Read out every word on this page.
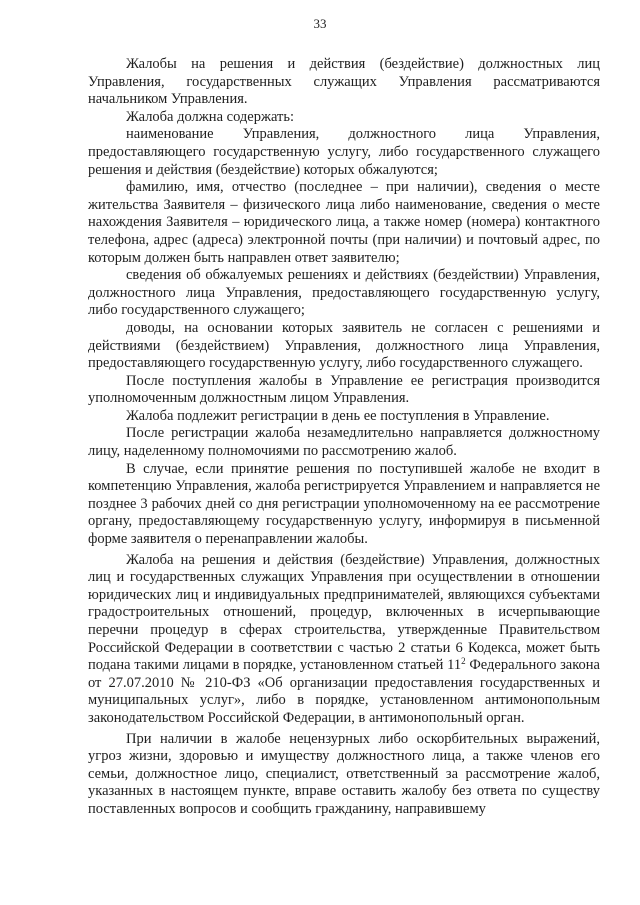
33

Жалобы на решения и действия (бездействие) должностных лиц Управления, государственных служащих Управления рассматриваются начальником Управления.

Жалоба должна содержать:

наименование Управления, должностного лица Управления, предоставляющего государственную услугу, либо государственного служащего решения и действия (бездействие) которых обжалуются;

фамилию, имя, отчество (последнее – при наличии), сведения о месте жительства Заявителя – физического лица либо наименование, сведения о месте нахождения Заявителя – юридического лица, а также номер (номера) контактного телефона, адрес (адреса) электронной почты (при наличии) и почтовый адрес, по которым должен быть направлен ответ заявителю;

сведения об обжалуемых решениях и действиях (бездействии) Управления, должностного лица Управления, предоставляющего государственную услугу, либо государственного служащего;

доводы, на основании которых заявитель не согласен с решениями и действиями (бездействием) Управления, должностного лица Управления, предоставляющего государственную услугу, либо государственного служащего.

После поступления жалобы в Управление ее регистрация производится уполномоченным должностным лицом Управления.

Жалоба подлежит регистрации в день ее поступления в Управление.

После регистрации жалоба незамедлительно направляется должностному лицу, наделенному полномочиями по рассмотрению жалоб.

В случае, если принятие решения по поступившей жалобе не входит в компетенцию Управления, жалоба регистрируется Управлением и направляется не позднее 3 рабочих дней со дня регистрации уполномоченному на ее рассмотрение органу, предоставляющему государственную услугу, информируя в письменной форме заявителя о перенаправлении жалобы.

Жалоба на решения и действия (бездействие) Управления, должностных лиц и государственных служащих Управления при осуществлении в отношении юридических лиц и индивидуальных предпринимателей, являющихся субъектами градостроительных отношений, процедур, включенных в исчерпывающие перечни процедур в сферах строительства, утвержденные Правительством Российской Федерации в соответствии с частью 2 статьи 6 Кодекса, может быть подана такими лицами в порядке, установленном статьей $11^2$ Федерального закона от 27.07.2010 № 210-ФЗ «Об организации предоставления государственных и муниципальных услуг», либо в порядке, установленном антимонопольным законодательством Российской Федерации, в антимонопольный орган.

При наличии в жалобе нецензурных либо оскорбительных выражений, угроз жизни, здоровью и имуществу должностного лица, а также членов его семьи, должностное лицо, специалист, ответственный за рассмотрение жалоб, указанных в настоящем пункте, вправе оставить жалобу без ответа по существу поставленных вопросов и сообщить гражданину, направившему
